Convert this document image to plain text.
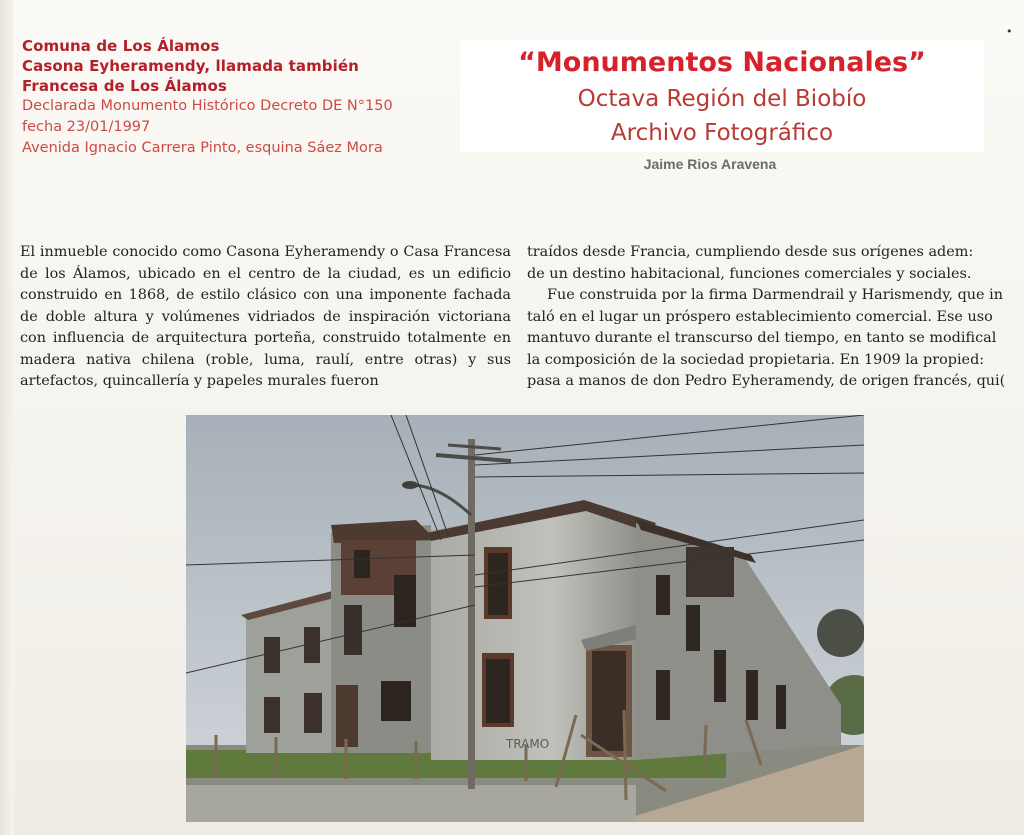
•
Comuna de Los Álamos
Casona Eyheramendy, llamada también
Francesa de Los Álamos
Declarada Monumento Histórico Decreto DE N°150
fecha 23/01/1997
Avenida Ignacio Carrera Pinto, esquina Sáez Mora
“Monumentos Nacionales”
Octava Región del Biobío
Archivo Fotográfico
Jaime Rios Aravena

El inmueble conocido como Casona Eyheramendy o Casa Francesa de los Álamos, ubicado en el centro de la ciudad, es un edificio construido en 1868, de estilo clásico con una imponente fachada de doble altura y volúmenes vidriados de inspiración victoriana con influencia de arquitectura porteña, construido totalmente en madera nativa chilena (roble, luma, raulí, entre otras) y sus artefactos, quincallería y papeles murales fueron

traídos desde Francia, cumpliendo desde sus orígenes adem:
de un destino habitacional, funciones comerciales y sociales.
Fue construida por la firma Darmendrail y Harismendy, que in
taló en el lugar un próspero establecimiento comercial. Ese uso
mantuvo durante el transcurso del tiempo, en tanto se modifical
la composición de la sociedad propietaria. En 1909 la propied:
pasa a manos de don Pedro Eyheramendy, de origen francés, qui(
TRAMO
